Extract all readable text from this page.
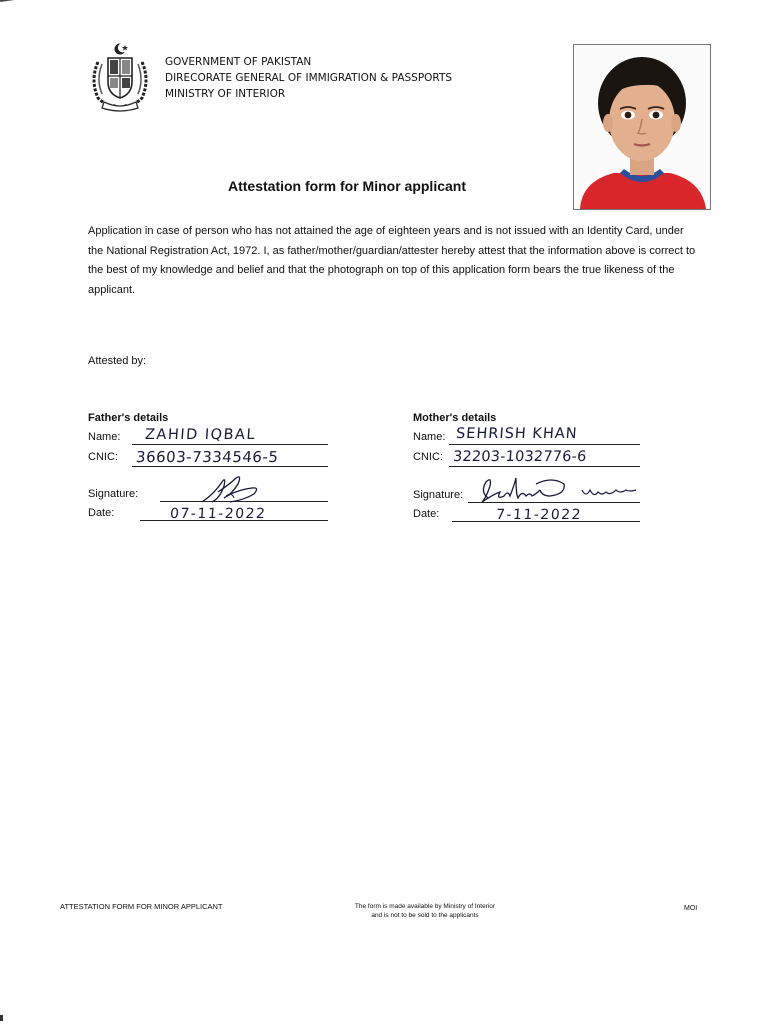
GOVERNMENT OF PAKISTAN
DIRECORATE GENERAL OF IMMIGRATION & PASSPORTS
MINISTRY OF INTERIOR
Attestation form for Minor applicant
Application in case of person who has not attained the age of eighteen years and is not issued with an Identity Card, under the National Registration Act, 1972. I, as father/mother/guardian/attester hereby attest that the information above is correct to the best of my knowledge and belief and that the photograph on top of this application form bears the true likeness of the applicant.
Attested by:
Father's details
Name: ZAHID IQBAL
CNIC: 36603-7334546-5
Signature:
Date:	07-11-2022
Mother's details
Name: SEHRISH KHAN
CNIC: 32203-1032776-6
Signature:
Date:	7-11-2022
ATTESTATION FORM FOR MINOR APPLICANT	The form is made available by Ministry of Interior
and is not to be sold to the applicants
MOI
